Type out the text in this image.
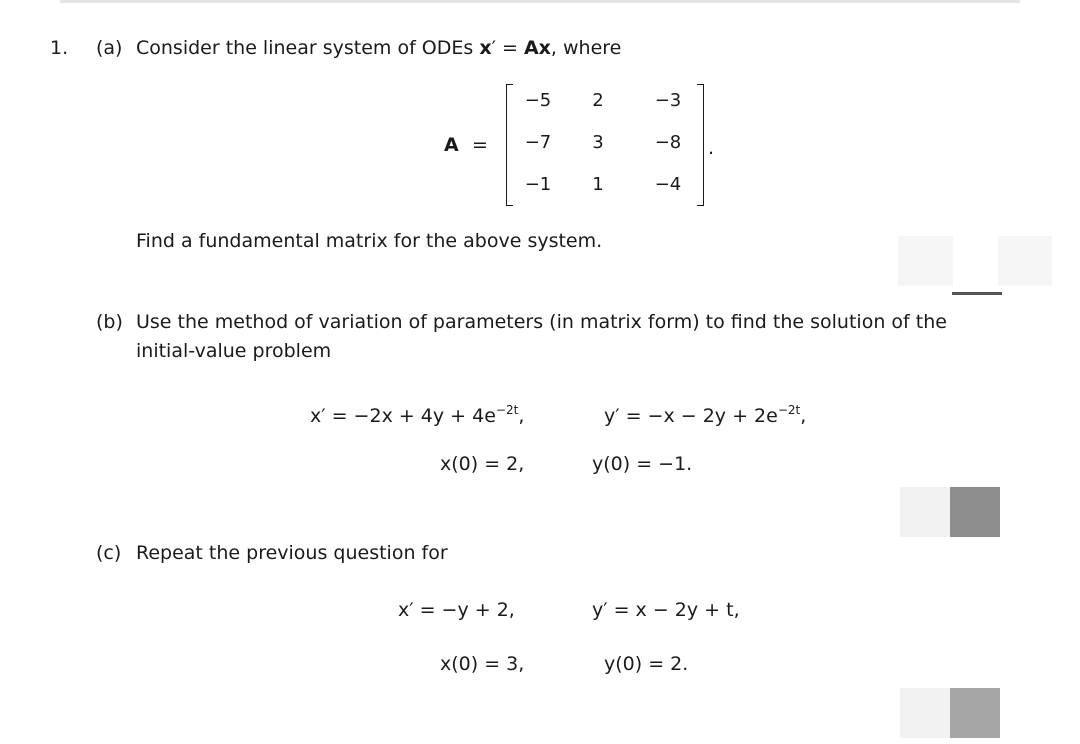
1. (a) Consider the linear system of ODEs x′ = Ax, where
A =
−5	2	−3
−7	3	−8
−1	1	−4
.
Find a fundamental matrix for the above system.
(b) Use the method of variation of parameters (in matrix form) to find the solution of the
initial-value problem
$x' = -2x + 4y + 4e^{-2t}$,	$y' = -x - 2y + 2e^{-2t}$,
x(0) = 2,	y(0) = −1.
(c) Repeat the previous question for
x′ = −y + 2,	y′ = x − 2y + t,
x(0) = 3,	y(0) = 2.
